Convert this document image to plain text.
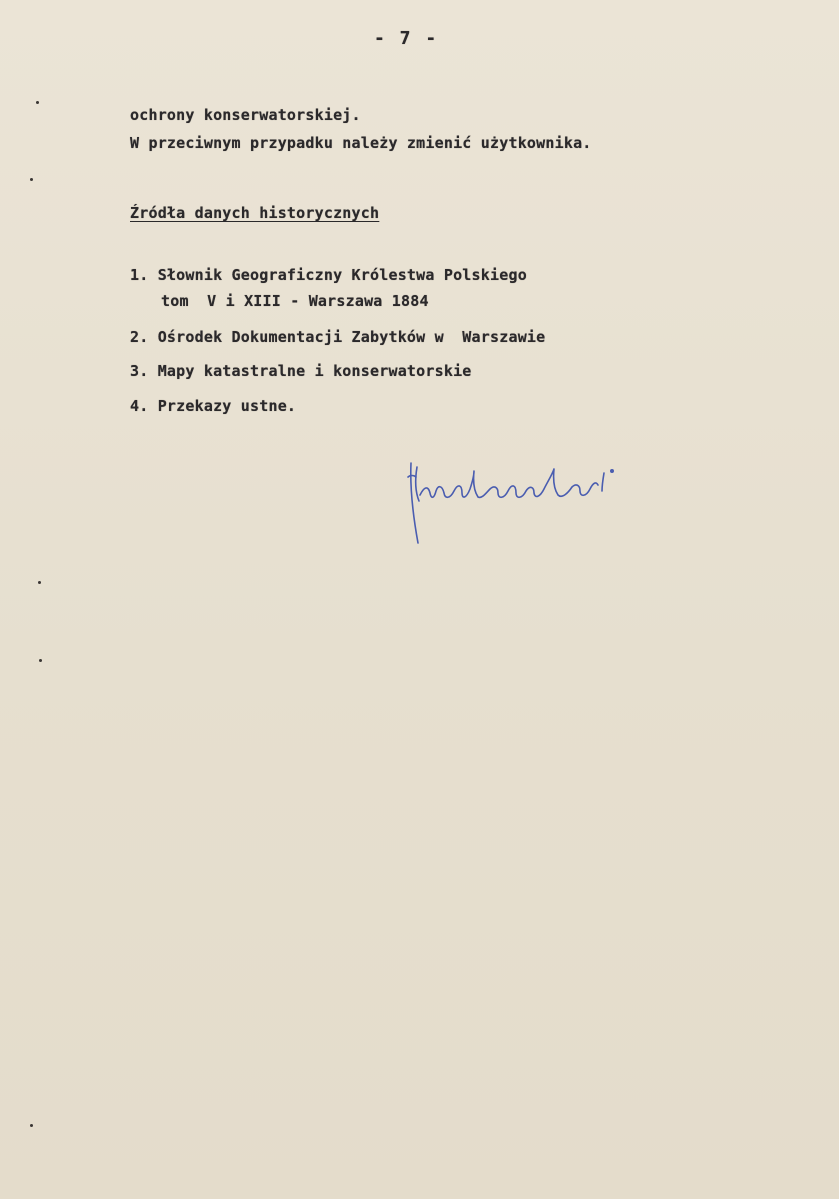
- 7 -
ochrony konserwatorskiej.
W przeciwnym przypadku należy zmienić użytkownika.
Źródła danych historycznych
1. Słownik Geograficzny Królestwa Polskiego
tom  V i XIII - Warszawa 1884
2. Ośrodek Dokumentacji Zabytków w  Warszawie
3. Mapy katastralne i konserwatorskie
4. Przekazy ustne.
